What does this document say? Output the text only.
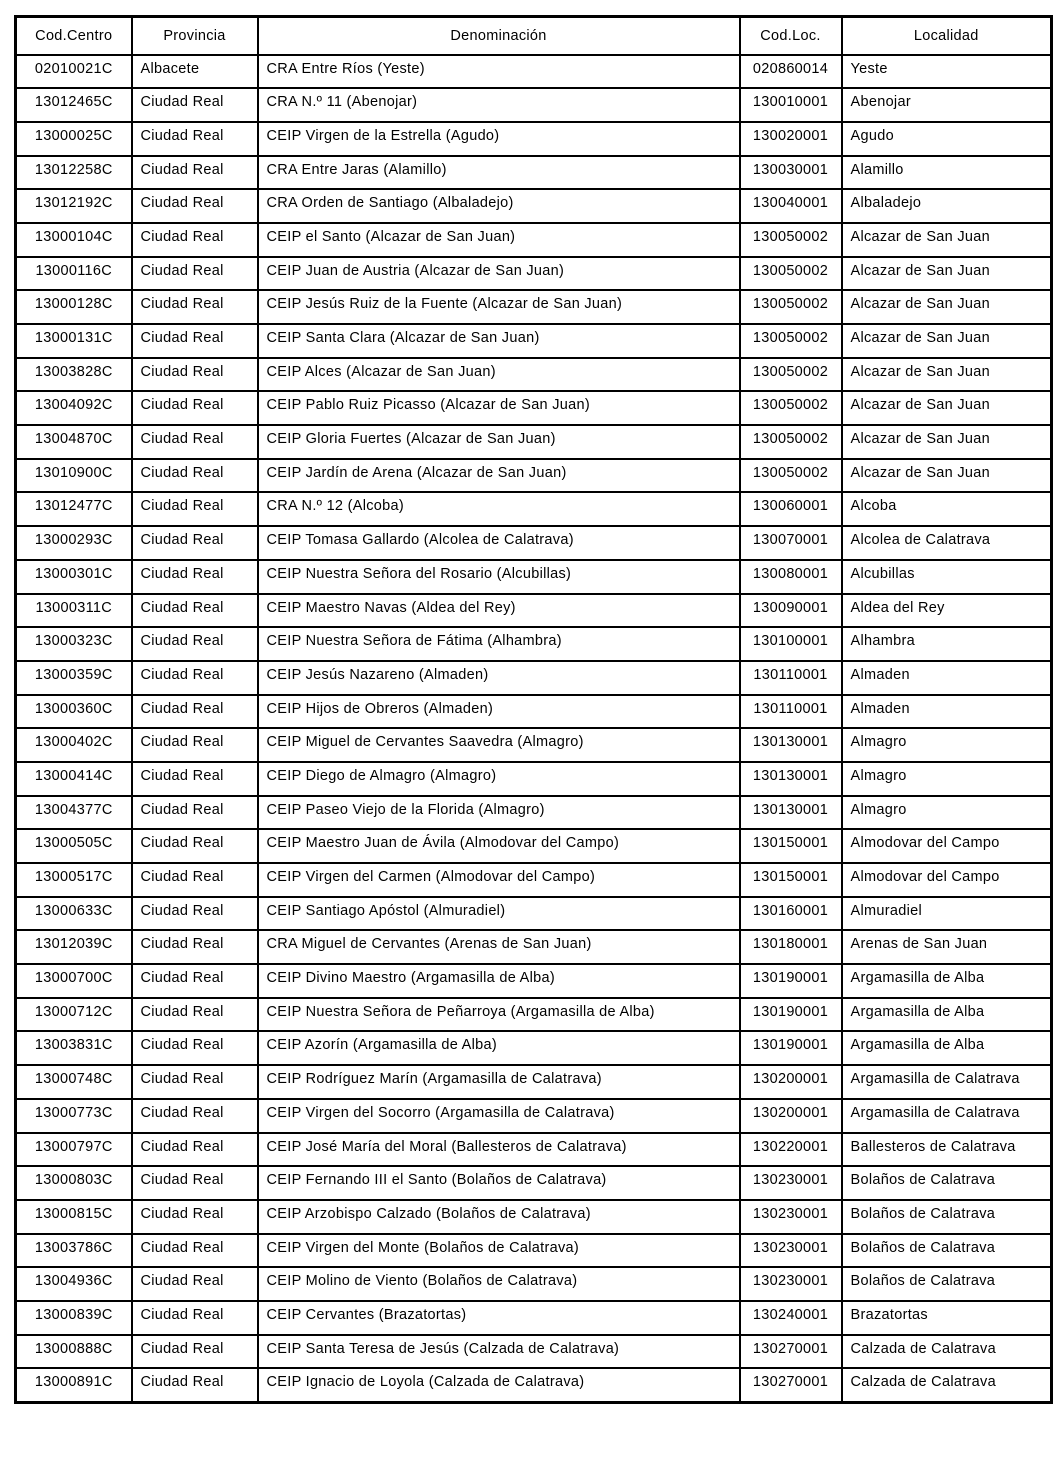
Cod.Centro	Provincia	Denominación	Cod.Loc.	Localidad
02010021C	Albacete	CRA Entre Ríos (Yeste)	020860014	Yeste
13012465C	Ciudad Real	CRA N.º 11 (Abenojar)	130010001	Abenojar
13000025C	Ciudad Real	CEIP Virgen de la Estrella (Agudo)	130020001	Agudo
13012258C	Ciudad Real	CRA Entre Jaras (Alamillo)	130030001	Alamillo
13012192C	Ciudad Real	CRA Orden de Santiago (Albaladejo)	130040001	Albaladejo
13000104C	Ciudad Real	CEIP el Santo (Alcazar de San Juan)	130050002	Alcazar de San Juan
13000116C	Ciudad Real	CEIP Juan de Austria (Alcazar de San Juan)	130050002	Alcazar de San Juan
13000128C	Ciudad Real	CEIP Jesús Ruiz de la Fuente (Alcazar de San Juan)	130050002	Alcazar de San Juan
13000131C	Ciudad Real	CEIP Santa Clara (Alcazar de San Juan)	130050002	Alcazar de San Juan
13003828C	Ciudad Real	CEIP Alces (Alcazar de San Juan)	130050002	Alcazar de San Juan
13004092C	Ciudad Real	CEIP Pablo Ruiz Picasso (Alcazar de San Juan)	130050002	Alcazar de San Juan
13004870C	Ciudad Real	CEIP Gloria Fuertes (Alcazar de San Juan)	130050002	Alcazar de San Juan
13010900C	Ciudad Real	CEIP Jardín de Arena (Alcazar de San Juan)	130050002	Alcazar de San Juan
13012477C	Ciudad Real	CRA N.º 12 (Alcoba)	130060001	Alcoba
13000293C	Ciudad Real	CEIP Tomasa Gallardo (Alcolea de Calatrava)	130070001	Alcolea de Calatrava
13000301C	Ciudad Real	CEIP Nuestra Señora del Rosario (Alcubillas)	130080001	Alcubillas
13000311C	Ciudad Real	CEIP Maestro Navas (Aldea del Rey)	130090001	Aldea del Rey
13000323C	Ciudad Real	CEIP Nuestra Señora de Fátima (Alhambra)	130100001	Alhambra
13000359C	Ciudad Real	CEIP Jesús Nazareno (Almaden)	130110001	Almaden
13000360C	Ciudad Real	CEIP Hijos de Obreros (Almaden)	130110001	Almaden
13000402C	Ciudad Real	CEIP Miguel de Cervantes Saavedra (Almagro)	130130001	Almagro
13000414C	Ciudad Real	CEIP Diego de Almagro (Almagro)	130130001	Almagro
13004377C	Ciudad Real	CEIP Paseo Viejo de la Florida (Almagro)	130130001	Almagro
13000505C	Ciudad Real	CEIP Maestro Juan de Ávila (Almodovar del Campo)	130150001	Almodovar del Campo
13000517C	Ciudad Real	CEIP Virgen del Carmen (Almodovar del Campo)	130150001	Almodovar del Campo
13000633C	Ciudad Real	CEIP Santiago Apóstol (Almuradiel)	130160001	Almuradiel
13012039C	Ciudad Real	CRA Miguel de Cervantes (Arenas de San Juan)	130180001	Arenas de San Juan
13000700C	Ciudad Real	CEIP Divino Maestro (Argamasilla de Alba)	130190001	Argamasilla de Alba
13000712C	Ciudad Real	CEIP Nuestra Señora de Peñarroya (Argamasilla de Alba)	130190001	Argamasilla de Alba
13003831C	Ciudad Real	CEIP Azorín (Argamasilla de Alba)	130190001	Argamasilla de Alba
13000748C	Ciudad Real	CEIP Rodríguez Marín (Argamasilla de Calatrava)	130200001	Argamasilla de Calatrava
13000773C	Ciudad Real	CEIP Virgen del Socorro (Argamasilla de Calatrava)	130200001	Argamasilla de Calatrava
13000797C	Ciudad Real	CEIP José María del Moral (Ballesteros de Calatrava)	130220001	Ballesteros de Calatrava
13000803C	Ciudad Real	CEIP Fernando III el Santo (Bolaños de Calatrava)	130230001	Bolaños de Calatrava
13000815C	Ciudad Real	CEIP Arzobispo Calzado (Bolaños de Calatrava)	130230001	Bolaños de Calatrava
13003786C	Ciudad Real	CEIP Virgen del Monte (Bolaños de Calatrava)	130230001	Bolaños de Calatrava
13004936C	Ciudad Real	CEIP Molino de Viento (Bolaños de Calatrava)	130230001	Bolaños de Calatrava
13000839C	Ciudad Real	CEIP Cervantes (Brazatortas)	130240001	Brazatortas
13000888C	Ciudad Real	CEIP Santa Teresa de Jesús (Calzada de Calatrava)	130270001	Calzada de Calatrava
13000891C	Ciudad Real	CEIP Ignacio de Loyola (Calzada de Calatrava)	130270001	Calzada de Calatrava
